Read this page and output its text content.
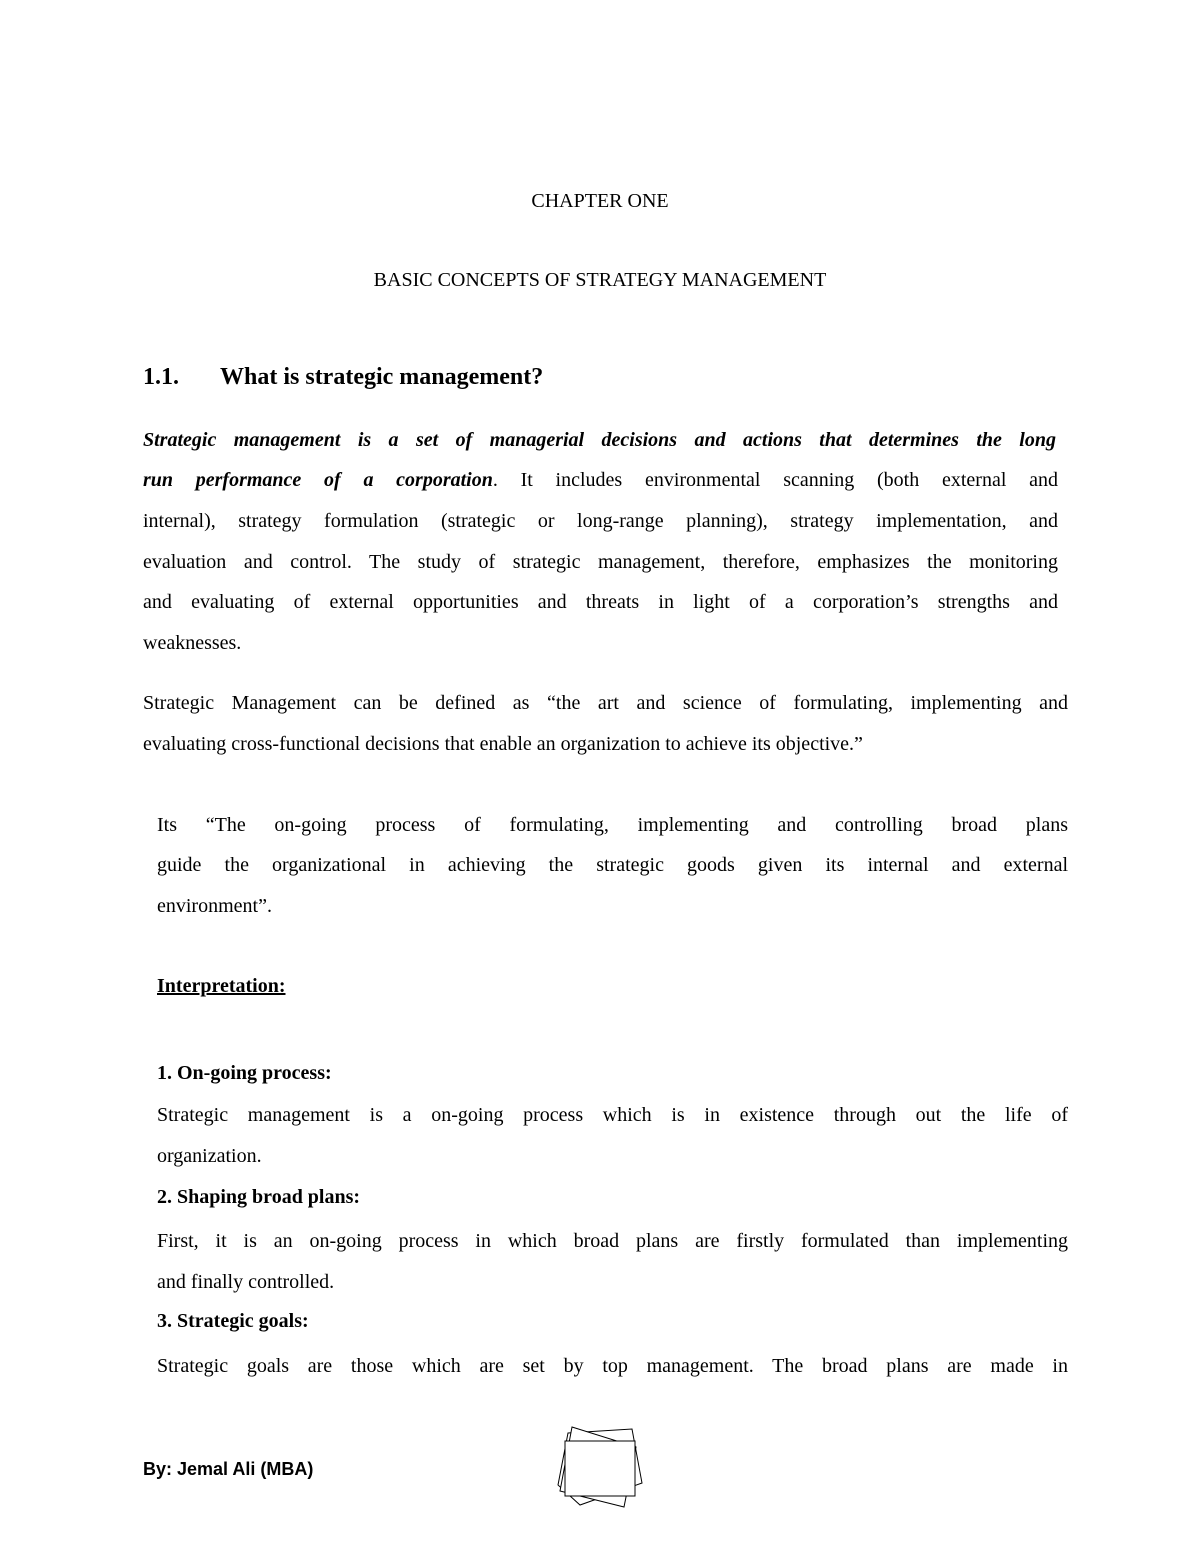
CHAPTER ONE
BASIC CONCEPTS OF STRATEGY MANAGEMENT
1.1. What is strategic management?
Strategic management is a set of managerial decisions and actions that determines the long
run performance of a corporation. It includes environmental scanning (both external and
internal), strategy formulation (strategic or long-range planning), strategy implementation, and
evaluation and control. The study of strategic management, therefore, emphasizes the monitoring
and evaluating of external opportunities and threats in light of a corporation’s strengths and
weaknesses.
Strategic Management can be defined as “the art and science of formulating, implementing and
evaluating cross-functional decisions that enable an organization to achieve its objective.”
Its “The on-going process of formulating, implementing and controlling broad plans
guide the organizational in achieving the strategic goods given its internal and external
environment”.
Interpretation:
1. On-going process:
Strategic management is a on-going process which is in existence through out the life of
organization.
2. Shaping broad plans:
First, it is an on-going process in which broad plans are firstly formulated than implementing
and finally controlled.
3. Strategic goals:
Strategic goals are those which are set by top management. The broad plans are made in
By: Jemal Ali (MBA)
